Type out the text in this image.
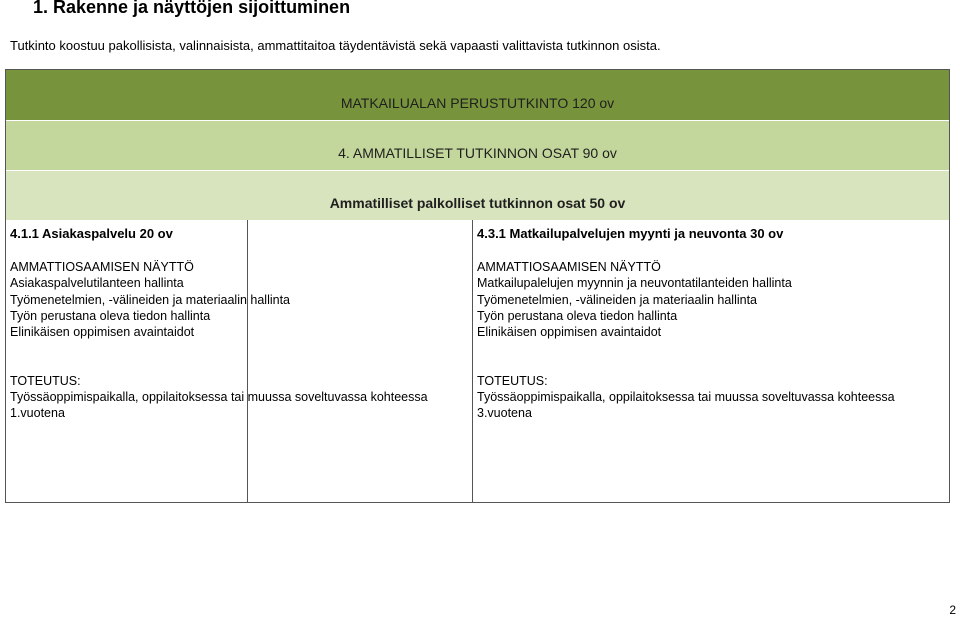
1. Rakenne ja näyttöjen sijoittuminen
Tutkinto koostuu pakollisista, valinnaisista, ammattitaitoa täydentävistä sekä vapaasti valittavista tutkinnon osista.
MATKAILUALAN PERUSTUTKINTO 120 ov
4. AMMATILLISET TUTKINNON OSAT 90 ov
Ammatilliset palkolliset tutkinnon osat 50 ov
4.1.1 Asiakaspalvelu 20 ov
AMMATTIOSAAMISEN NÄYTTÖ
Asiakaspalvelutilanteen hallinta
Työmenetelmien, -välineiden ja materiaalin hallinta
Työn perustana oleva tiedon hallinta
Elinikäisen oppimisen avaintaidot
4.3.1 Matkailupalvelujen myynti ja neuvonta 30 ov
AMMATTIOSAAMISEN NÄYTTÖ
Matkailupalelujen myynnin ja neuvontatilanteiden hallinta
Työmenetelmien, -välineiden ja materiaalin hallinta
Työn perustana oleva tiedon hallinta
Elinikäisen oppimisen avaintaidot
TOTEUTUS:
Työssäoppimispaikalla, oppilaitoksessa tai muussa soveltuvassa kohteessa 1.vuotena
TOTEUTUS:
Työssäoppimispaikalla, oppilaitoksessa tai muussa soveltuvassa kohteessa 3.vuotena
2
